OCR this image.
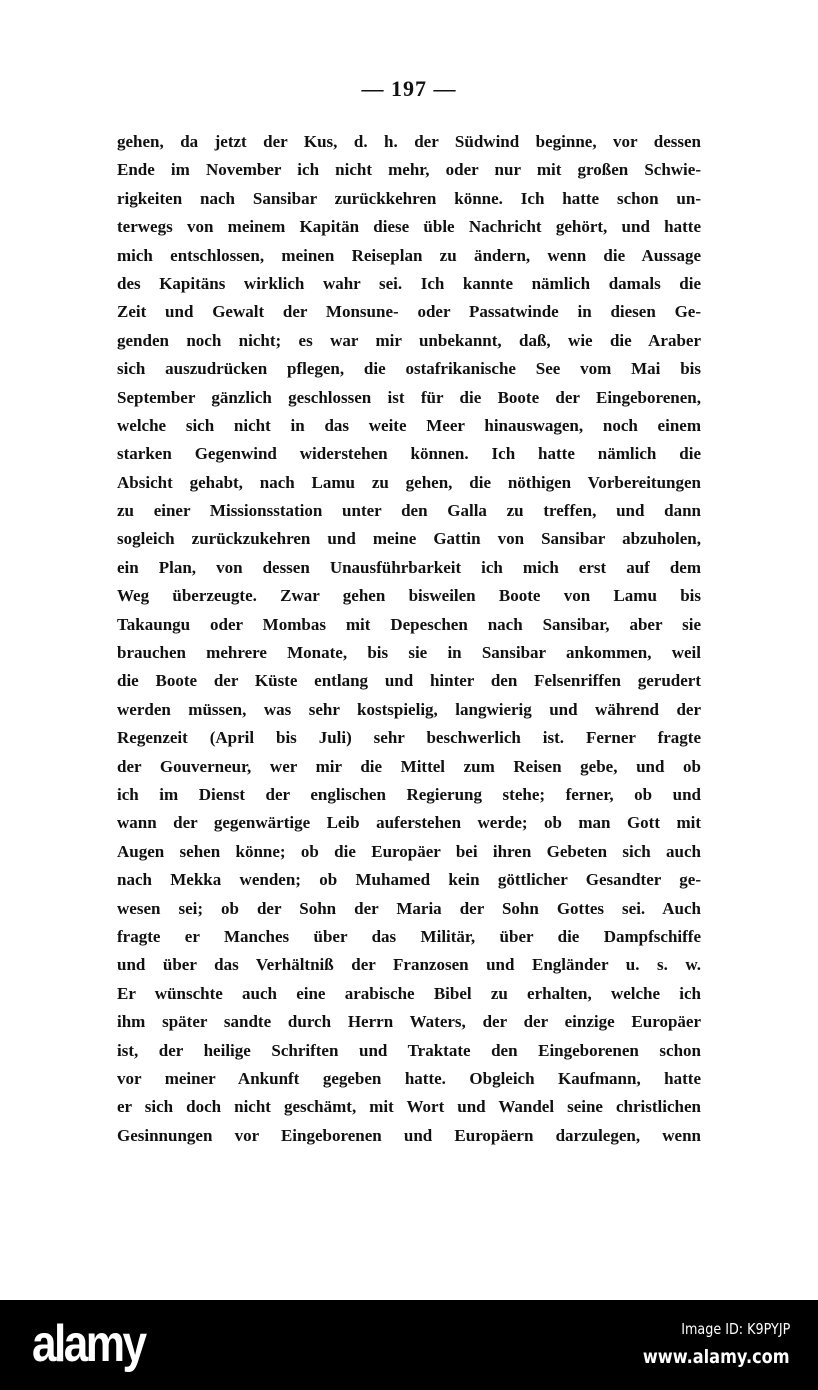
— 197 —
gehen, da jetzt der Kus, d. h. der Südwind beginne, vor dessen
Ende im November ich nicht mehr, oder nur mit großen Schwie-
rigkeiten nach Sansibar zurückkehren könne. Ich hatte schon un-
terwegs von meinem Kapitän diese üble Nachricht gehört, und hatte
mich entschlossen, meinen Reiseplan zu ändern, wenn die Aussage
des Kapitäns wirklich wahr sei. Ich kannte nämlich damals die
Zeit und Gewalt der Monsune- oder Passatwinde in diesen Ge-
genden noch nicht; es war mir unbekannt, daß, wie die Araber
sich auszudrücken pflegen, die ostafrikanische See vom Mai bis
September gänzlich geschlossen ist für die Boote der Eingeborenen,
welche sich nicht in das weite Meer hinauswagen, noch einem
starken Gegenwind widerstehen können. Ich hatte nämlich die
Absicht gehabt, nach Lamu zu gehen, die nöthigen Vorbereitungen
zu einer Missionsstation unter den Galla zu treffen, und dann
sogleich zurückzukehren und meine Gattin von Sansibar abzuholen,
ein Plan, von dessen Unausführbarkeit ich mich erst auf dem
Weg überzeugte. Zwar gehen bisweilen Boote von Lamu bis
Takaungu oder Mombas mit Depeschen nach Sansibar, aber sie
brauchen mehrere Monate, bis sie in Sansibar ankommen, weil
die Boote der Küste entlang und hinter den Felsenriffen gerudert
werden müssen, was sehr kostspielig, langwierig und während der
Regenzeit (April bis Juli) sehr beschwerlich ist. Ferner fragte
der Gouverneur, wer mir die Mittel zum Reisen gebe, und ob
ich im Dienst der englischen Regierung stehe; ferner, ob und
wann der gegenwärtige Leib auferstehen werde; ob man Gott mit
Augen sehen könne; ob die Europäer bei ihren Gebeten sich auch
nach Mekka wenden; ob Muhamed kein göttlicher Gesandter ge-
wesen sei; ob der Sohn der Maria der Sohn Gottes sei. Auch
fragte er Manches über das Militär, über die Dampfschiffe
und über das Verhältniß der Franzosen und Engländer u. s. w.
Er wünschte auch eine arabische Bibel zu erhalten, welche ich
ihm später sandte durch Herrn Waters, der der einzige Europäer
ist, der heilige Schriften und Traktate den Eingeborenen schon
vor meiner Ankunft gegeben hatte. Obgleich Kaufmann, hatte
er sich doch nicht geschämt, mit Wort und Wandel seine christlichen
Gesinnungen vor Eingeborenen und Europäern darzulegen, wenn
alamy	Image ID: K9PYJP
www.alamy.com
